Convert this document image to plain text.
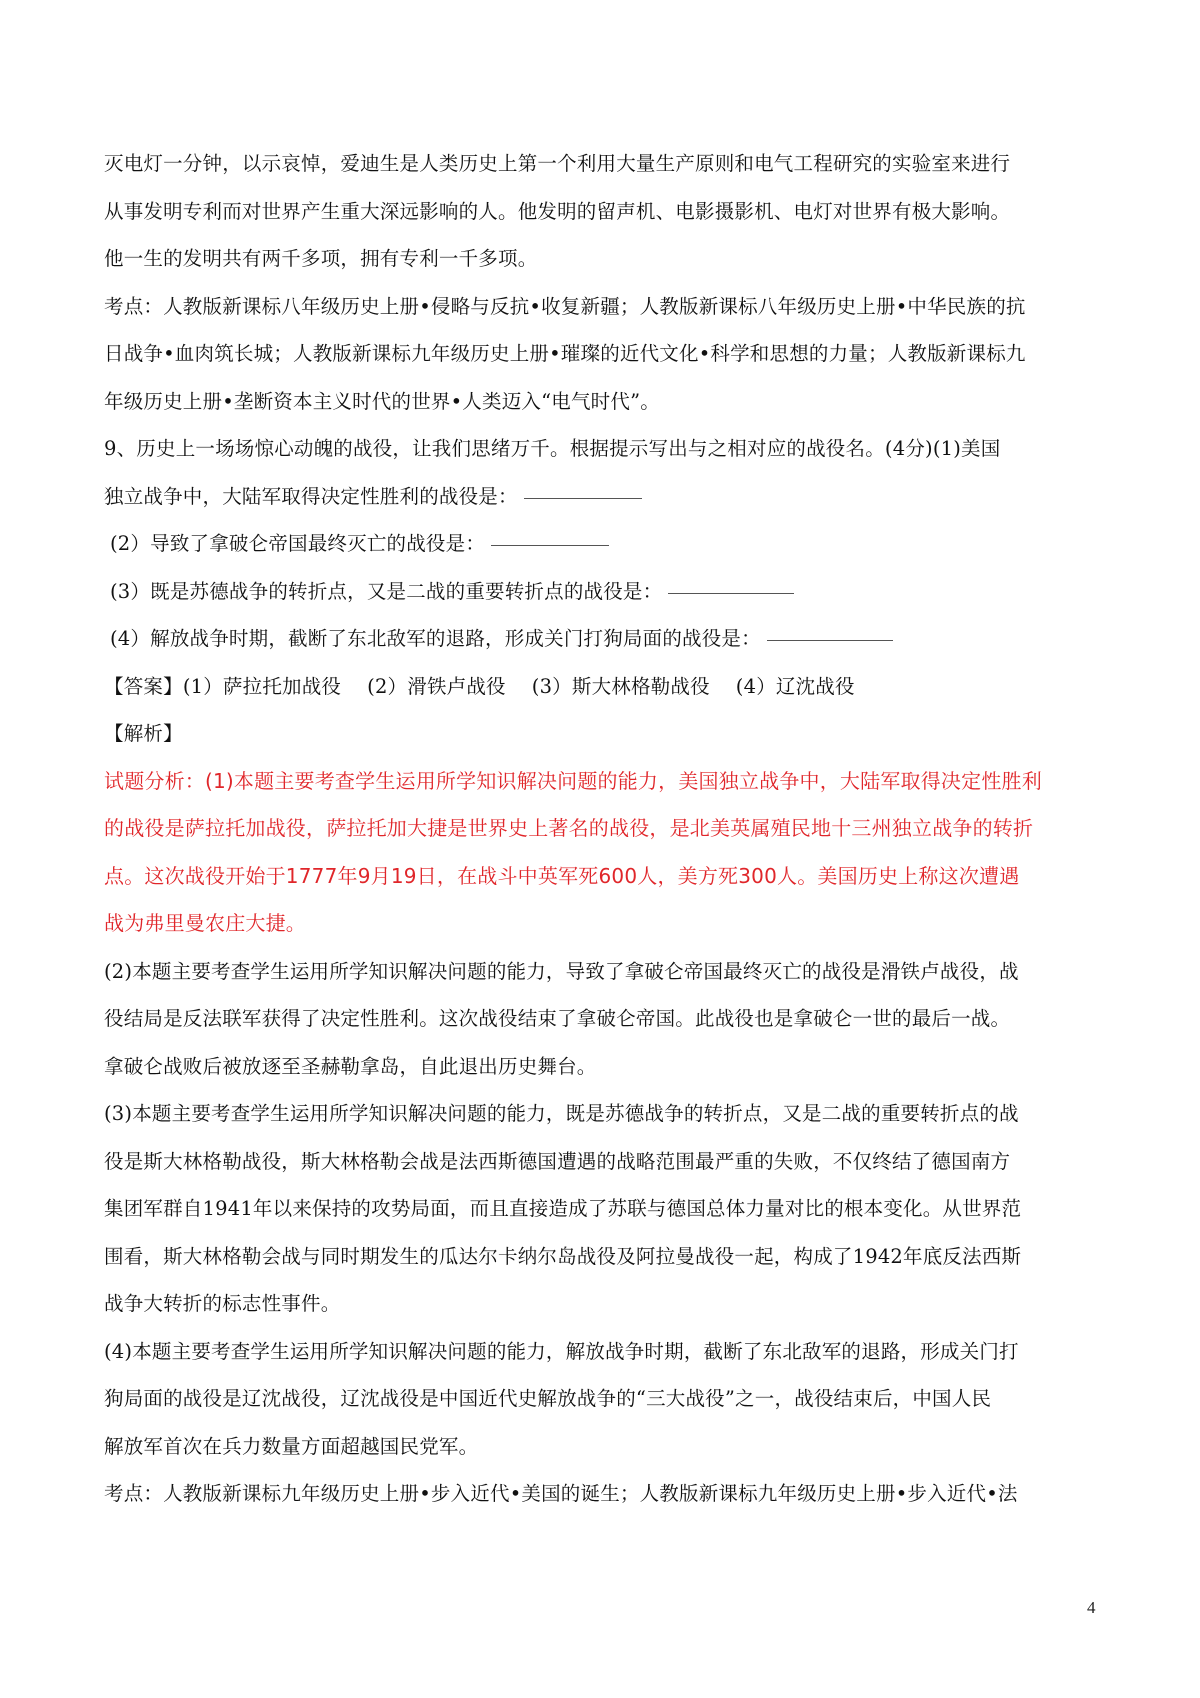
灭电灯一分钟，以示哀悼，爱迪生是人类历史上第一个利用大量生产原则和电气工程研究的实验室来进行
从事发明专利而对世界产生重大深远影响的人。他发明的留声机、电影摄影机、电灯对世界有极大影响。
他一生的发明共有两千多项，拥有专利一千多项。
考点：人教版新课标八年级历史上册•侵略与反抗•收复新疆；人教版新课标八年级历史上册•中华民族的抗
日战争•血肉筑长城；人教版新课标九年级历史上册•璀璨的近代文化•科学和思想的力量；人教版新课标九
年级历史上册•垄断资本主义时代的世界•人类迈入“电气时代”。
9、历史上一场场惊心动魄的战役，让我们思绪万千。根据提示写出与之相对应的战役名。(4分)(1)美国
独立战争中，大陆军取得决定性胜利的战役是：
(2）导致了拿破仑帝国最终灭亡的战役是：
(3）既是苏德战争的转折点，又是二战的重要转折点的战役是：
(4）解放战争时期，截断了东北敌军的退路，形成关门打狗局面的战役是：
【答案】(1）萨拉托加战役 (2）滑铁卢战役 (3）斯大林格勒战役 (4）辽沈战役
【解析】
试题分析：(1)本题主要考查学生运用所学知识解决问题的能力，美国独立战争中，大陆军取得决定性胜利
的战役是萨拉托加战役，萨拉托加大捷是世界史上著名的战役，是北美英属殖民地十三州独立战争的转折
点。这次战役开始于1777年9月19日，在战斗中英军死600人，美方死300人。美国历史上称这次遭遇
战为弗里曼农庄大捷。
(2)本题主要考查学生运用所学知识解决问题的能力，导致了拿破仑帝国最终灭亡的战役是滑铁卢战役，战
役结局是反法联军获得了决定性胜利。这次战役结束了拿破仑帝国。此战役也是拿破仑一世的最后一战。
拿破仑战败后被放逐至圣赫勒拿岛，自此退出历史舞台。
(3)本题主要考查学生运用所学知识解决问题的能力，既是苏德战争的转折点，又是二战的重要转折点的战
役是斯大林格勒战役，斯大林格勒会战是法西斯德国遭遇的战略范围最严重的失败，不仅终结了德国南方
集团军群自1941年以来保持的攻势局面，而且直接造成了苏联与德国总体力量对比的根本变化。从世界范
围看，斯大林格勒会战与同时期发生的瓜达尔卡纳尔岛战役及阿拉曼战役一起，构成了1942年底反法西斯
战争大转折的标志性事件。
(4)本题主要考查学生运用所学知识解决问题的能力，解放战争时期，截断了东北敌军的退路，形成关门打
狗局面的战役是辽沈战役，辽沈战役是中国近代史解放战争的“三大战役”之一，战役结束后，中国人民
解放军首次在兵力数量方面超越国民党军。
考点：人教版新课标九年级历史上册•步入近代•美国的诞生；人教版新课标九年级历史上册•步入近代•法
4
